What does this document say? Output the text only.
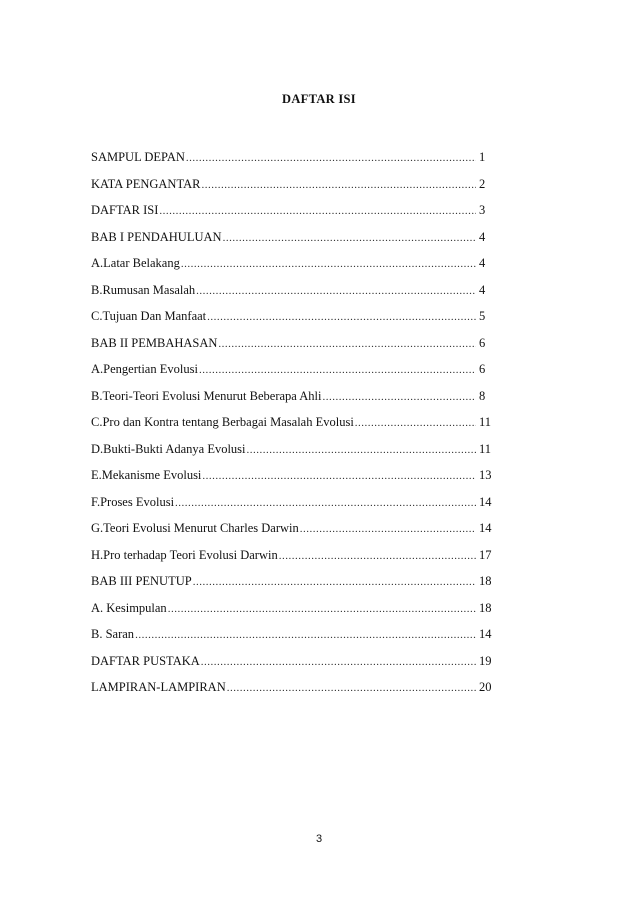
DAFTAR ISI
SAMPUL DEPAN .....	1
KATA PENGANTAR .....	2
DAFTAR ISI .....	3
BAB I PENDAHULUAN .....	4
A.Latar Belakang .....	4
B.Rumusan Masalah .....	4
C.Tujuan Dan Manfaat .....	5
BAB II PEMBAHASAN .....	6
A.Pengertian Evolusi .....	6
B.Teori-Teori Evolusi Menurut Beberapa Ahli .....	8
C.Pro dan Kontra tentang Berbagai Masalah Evolusi .....	11
D.Bukti-Bukti Adanya Evolusi .....	11
E.Mekanisme Evolusi .....	13
F.Proses Evolusi .....	14
G.Teori Evolusi Menurut Charles Darwin .....	14
H.Pro terhadap Teori Evolusi Darwin .....	17
BAB III PENUTUP .....	18
A. Kesimpulan .....	18
B. Saran .....	14
DAFTAR PUSTAKA .....	19
LAMPIRAN-LAMPIRAN .....	20
3
